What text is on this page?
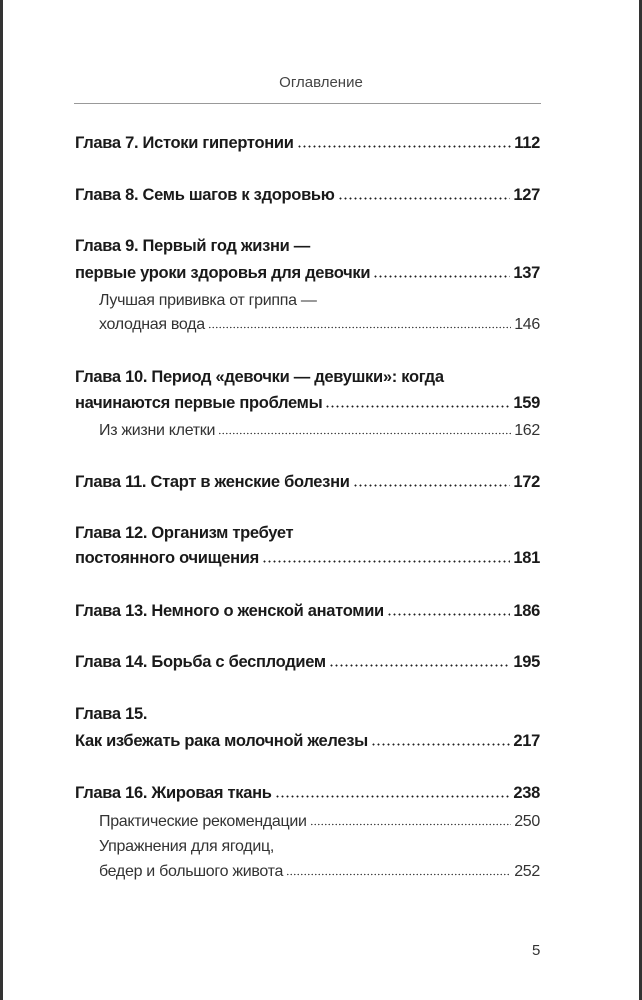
Оглавление
Глава 7. Истоки гипертонии	112
Глава 8. Семь шагов к здоровью	127
Глава 9. Первый год жизни —
первые уроки здоровья для девочки	137
Лучшая прививка от гриппа —
холодная вода	146
Глава 10. Период «девочки — девушки»: когда
начинаются первые проблемы	159
Из жизни клетки	162
Глава 11. Старт в женские болезни	172
Глава 12. Организм требует
постоянного очищения	181
Глава 13. Немного о женской анатомии	186
Глава 14. Борьба с бесплодием	195
Глава 15.
Как избежать рака молочной железы	217
Глава 16. Жировая ткань	238
Практические рекомендации	250
Упражнения для ягодиц,
бедер и большого живота	252
5
